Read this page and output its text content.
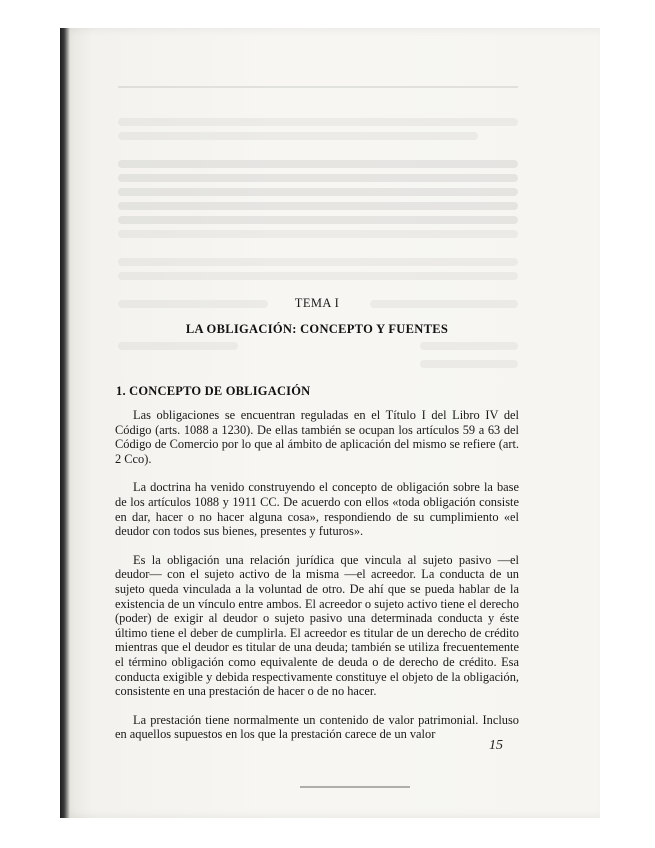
TEMA I
LA OBLIGACIÓN: CONCEPTO Y FUENTES
1. CONCEPTO DE OBLIGACIÓN

Las obligaciones se encuentran reguladas en el Título I del Libro IV del Código (arts. 1088 a 1230). De ellas también se ocupan los artículos 59 a 63 del Código de Comercio por lo que al ámbito de aplicación del mismo se refiere (art. 2 Cco).

La doctrina ha venido construyendo el concepto de obligación sobre la base de los artículos 1088 y 1911 CC. De acuerdo con ellos «toda obligación consiste en dar, hacer o no hacer alguna cosa», respondiendo de su cumplimiento «el deudor con todos sus bienes, presentes y futuros».

Es la obligación una relación jurídica que vincula al sujeto pasivo —el deudor— con el sujeto activo de la misma —el acreedor. La conducta de un sujeto queda vinculada a la voluntad de otro. De ahí que se pueda hablar de la existencia de un vínculo entre ambos. El acreedor o sujeto activo tiene el derecho (poder) de exigir al deudor o sujeto pasivo una determinada conducta y éste último tiene el deber de cumplirla. El acreedor es titular de un derecho de crédito mientras que el deudor es titular de una deuda; también se utiliza frecuentemente el término obligación como equivalente de deuda o de derecho de crédito. Esa conducta exigible y debida respectivamente constituye el objeto de la obligación, consistente en una prestación de hacer o de no hacer.

La prestación tiene normalmente un contenido de valor patrimonial. Incluso en aquellos supuestos en los que la prestación carece de un valor

15
